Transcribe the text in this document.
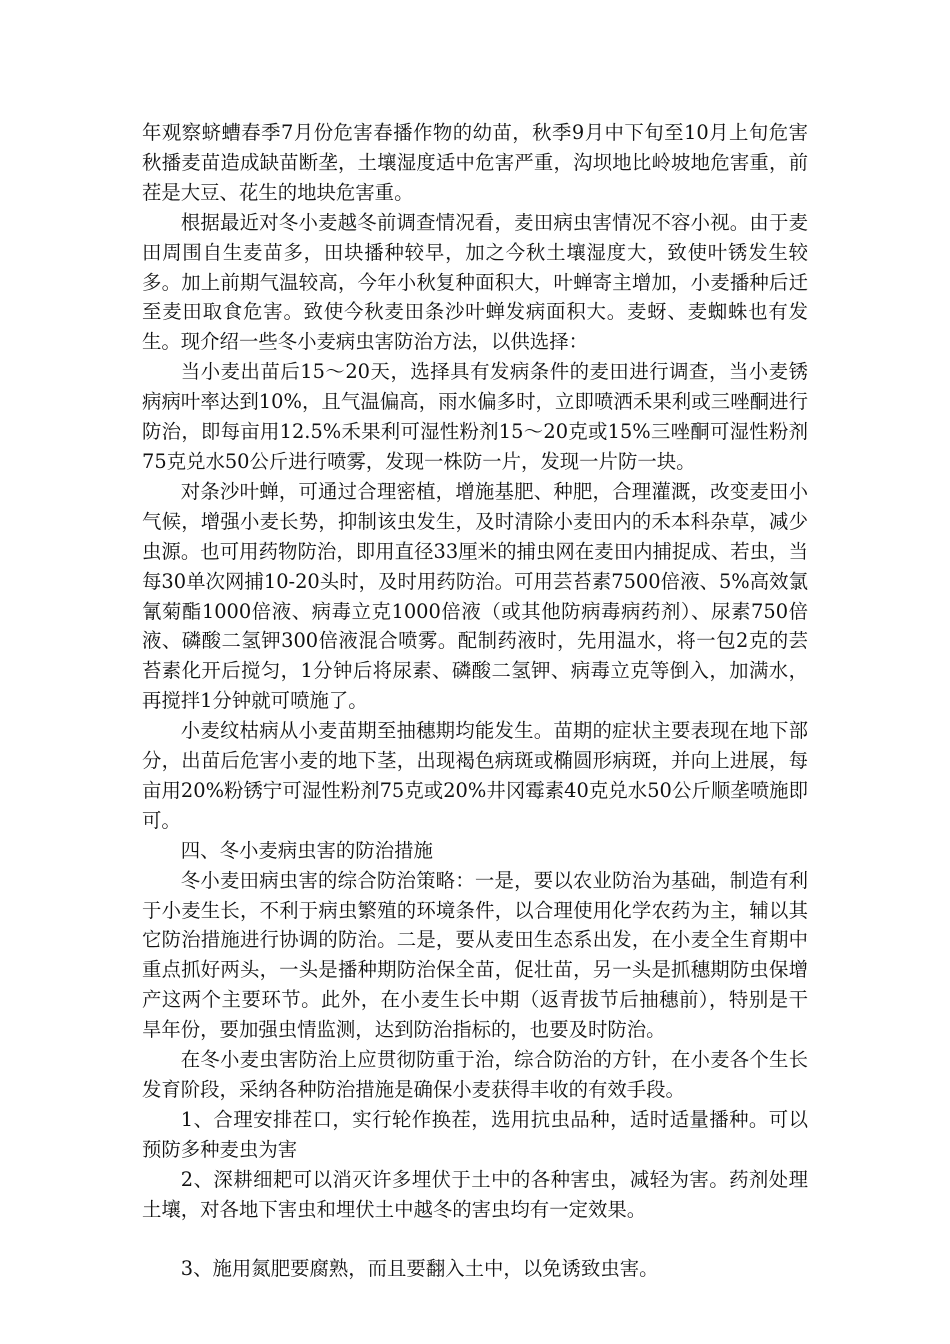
年观察蛴螬春季7月份危害春播作物的幼苗，秋季9月中下旬至10月上旬危害秋播麦苗造成缺苗断垄，土壤湿度适中危害严重，沟坝地比岭坡地危害重，前茬是大豆、花生的地块危害重。

根据最近对冬小麦越冬前调查情况看，麦田病虫害情况不容小视。由于麦田周围自生麦苗多，田块播种较早，加之今秋土壤湿度大，致使叶锈发生较多。加上前期气温较高，今年小秋复种面积大，叶蝉寄主增加，小麦播种后迁至麦田取食危害。致使今秋麦田条沙叶蝉发病面积大。麦蚜、麦蜘蛛也有发生。现介绍一些冬小麦病虫害防治方法，以供选择：

当小麦出苗后15～20天，选择具有发病条件的麦田进行调查，当小麦锈病病叶率达到10%，且气温偏高，雨水偏多时，立即喷洒禾果利或三唑酮进行防治，即每亩用12.5%禾果利可湿性粉剂15～20克或15%三唑酮可湿性粉剂75克兑水50公斤进行喷雾，发现一株防一片，发现一片防一块。

对条沙叶蝉，可通过合理密植，增施基肥、种肥，合理灌溉，改变麦田小气候，增强小麦长势，抑制该虫发生，及时清除小麦田内的禾本科杂草，减少虫源。也可用药物防治，即用直径33厘米的捕虫网在麦田内捕捉成、若虫，当每30单次网捕10-20头时，及时用药防治。可用芸苔素7500倍液、5%高效氯氰菊酯1000倍液、病毒立克1000倍液（或其他防病毒病药剂）、尿素750倍液、磷酸二氢钾300倍液混合喷雾。配制药液时，先用温水，将一包2克的芸苔素化开后搅匀，1分钟后将尿素、磷酸二氢钾、病毒立克等倒入，加满水，再搅拌1分钟就可喷施了。

小麦纹枯病从小麦苗期至抽穗期均能发生。苗期的症状主要表现在地下部分，出苗后危害小麦的地下茎，出现褐色病斑或椭圆形病斑，并向上进展，每亩用20%粉锈宁可湿性粉剂75克或20%井冈霉素40克兑水50公斤顺垄喷施即可。

四、冬小麦病虫害的防治措施

冬小麦田病虫害的综合防治策略：一是，要以农业防治为基础，制造有利于小麦生长，不利于病虫繁殖的环境条件，以合理使用化学农药为主，辅以其它防治措施进行协调的防治。二是，要从麦田生态系出发，在小麦全生育期中重点抓好两头，一头是播种期防治保全苗，促壮苗，另一头是抓穗期防虫保增产这两个主要环节。此外，在小麦生长中期（返青拔节后抽穗前），特别是干旱年份，要加强虫情监测，达到防治指标的，也要及时防治。

在冬小麦虫害防治上应贯彻防重于治，综合防治的方针，在小麦各个生长发育阶段，采纳各种防治措施是确保小麦获得丰收的有效手段。

1、合理安排茬口，实行轮作换茬，选用抗虫品种，适时适量播种。可以预防多种麦虫为害

2、深耕细耙可以消灭许多埋伏于土中的各种害虫，减轻为害。药剂处理土壤，对各地下害虫和埋伏土中越冬的害虫均有一定效果。

3、施用氮肥要腐熟，而且要翻入土中，以免诱致虫害。
